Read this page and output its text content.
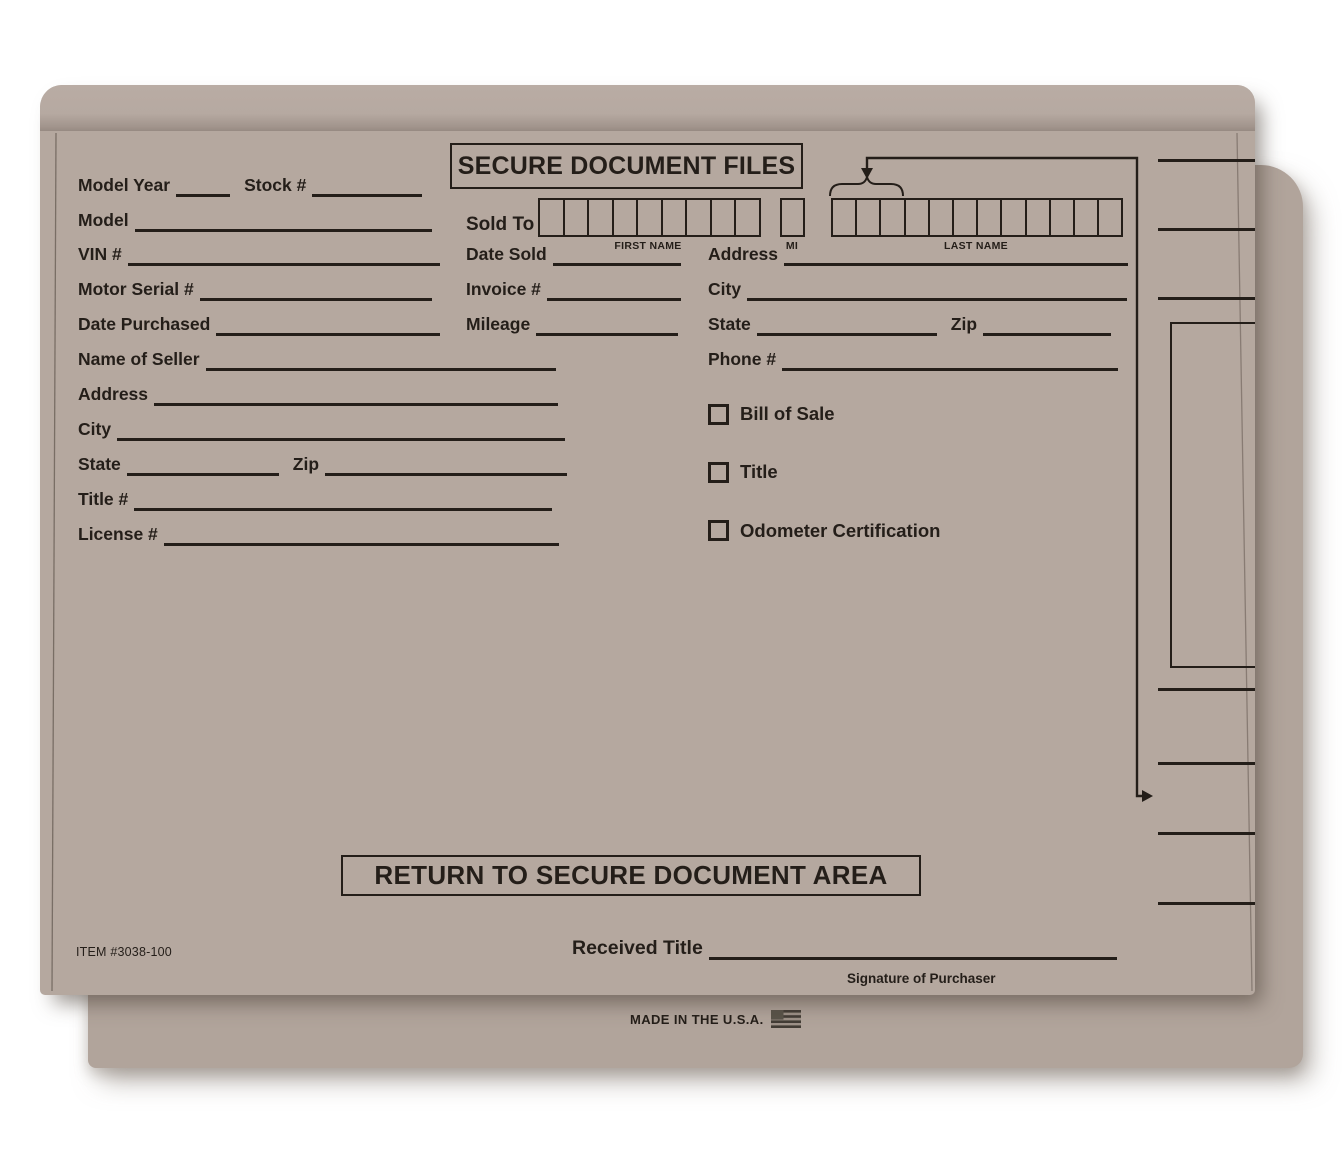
MADE IN THE U.S.A.
SECURE DOCUMENT FILES
Model Year	Stock #
Model
VIN #
Motor Serial #
Date Purchased
Name of Seller
Address
City
State	Zip
Title #
License #
Sold To
FIRST NAME	MI	LAST NAME
Date Sold
Invoice #
Mileage
Address
City
State	Zip
Phone #
Bill of Sale
Title
Odometer Certification
RETURN TO SECURE DOCUMENT AREA
Received Title
Signature of Purchaser
ITEM #3038-100
